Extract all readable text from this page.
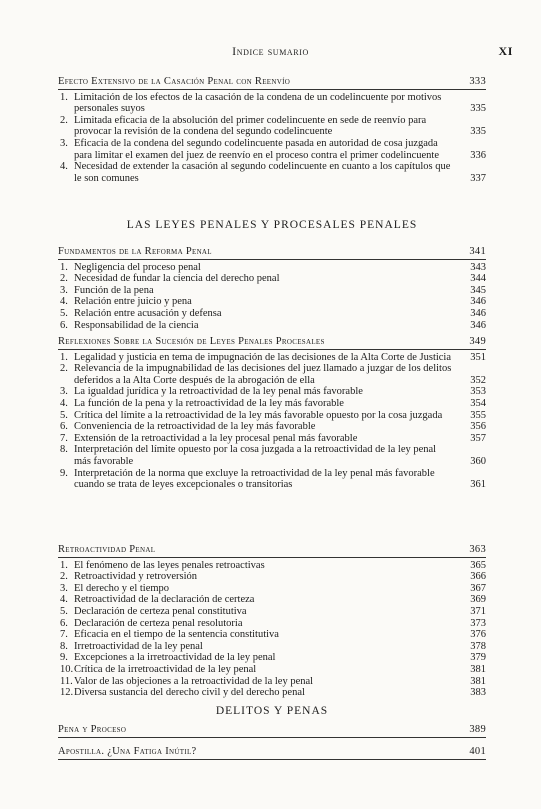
Indice sumario	XI
Efecto Extensivo de la Casación Penal con Reenvío	333
1. Limitación de los efectos de la casación de la condena de un codelincuente por motivos personales suyos	335
2. Limitada eficacia de la absolución del primer codelincuente en sede de reenvío para provocar la revisión de la condena del segundo codelincuente	335
3. Eficacia de la condena del segundo codelincuente pasada en autoridad de cosa juzgada para limitar el examen del juez de reenvío en el proceso contra el primer codelincuente	336
4. Necesidad de extender la casación al segundo codelincuente en cuanto a los capítulos que le son comunes	337
LAS LEYES PENALES Y PROCESALES PENALES
Fundamentos de la Reforma Penal	341
1. Negligencia del proceso penal	343
2. Necesidad de fundar la ciencia del derecho penal	344
3. Función de la pena	345
4. Relación entre juicio y pena	346
5. Relación entre acusación y defensa	346
6. Responsabilidad de la ciencia	346
Reflexiones Sobre la Sucesión de Leyes Penales Procesales	349
1. Legalidad y justicia en tema de impugnación de las decisiones de la Alta Corte de Justicia	351
2. Relevancia de la impugnabilidad de las decisiones del juez llamado a juzgar de los delitos deferidos a la Alta Corte después de la abrogación de ella	352
3. La igualdad jurídica y la retroactividad de la ley penal más favorable	353
4. La función de la pena y la retroactividad de la ley más favorable	354
5. Crítica del límite a la retroactividad de la ley más favorable opuesto por la cosa juzgada	355
6. Conveniencia de la retroactividad de la ley más favorable	356
7. Extensión de la retroactividad a la ley procesal penal más favorable	357
8. Interpretación del límite opuesto por la cosa juzgada a la retroactividad de la ley penal más favorable	360
9. Interpretación de la norma que excluye la retroactividad de la ley penal más favorable cuando se trata de leyes excepcionales o transitorias	361
Retroactividad Penal	363
1. El fenómeno de las leyes penales retroactivas	365
2. Retroactividad y retroversión	366
3. El derecho y el tiempo	367
4. Retroactividad de la declaración de certeza	369
5. Declaración de certeza penal constitutiva	371
6. Declaración de certeza penal resolutoria	373
7. Eficacia en el tiempo de la sentencia constitutiva	376
8. Irretroactividad de la ley penal	378
9. Excepciones a la irretroactividad de la ley penal	379
10.Crítica de la irretroactividad de la ley penal	381
11.Valor de las objeciones a la retroactividad de la ley penal	381
12.Diversa sustancia del derecho civil y del derecho penal	383
DELITOS Y PENAS
Pena y Proceso	389
Apostilla. ¿Una Fatiga Inútil?	401
